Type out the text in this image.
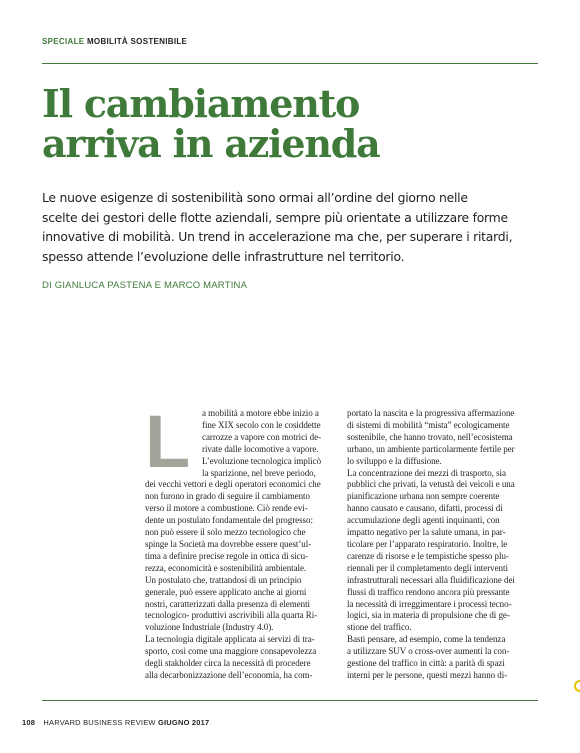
SPECIALE MOBILITÀ SOSTENIBILE
Il cambiamento
arriva in azienda

Le nuove esigenze di sostenibilità sono ormai all’ordine del giorno nelle
scelte dei gestori delle flotte aziendali, sempre più orientate a utilizzare forme
innovative di mobilità. Un trend in accelerazione ma che, per superare i ritardi,
spesso attende l’evoluzione delle infrastrutture nel territorio.

DI GIANLUCA PASTENA E MARCO MARTINA
L	a mobilità a motore ebbe inizio a
fine XIX secolo con le cosiddette
carrozze a vapore con motrici de-
rivate dalle locomotive a vapore.
L’evoluzione tecnologica implicò
la sparizione, nel breve periodo,
dei vecchi vettori e degli operatori economici che
non furono in grado di seguire il cambiamento
verso il motore a combustione. Ciò rende evi-
dente un postulato fondamentale del progresso:
non può essere il solo mezzo tecnologico che
spinge la Società ma dovrebbe essere quest’ul-
tima a definire precise regole in ottica di sicu-
rezza, economicità e sostenibilità ambientale.
Un postulato che, trattandosi di un principio
generale, può essere applicato anche ai giorni
nostri, caratterizzati dalla presenza di elementi
tecnologico- produttivi ascrivibili alla quarta Ri-
voluzione Industriale (Industry 4.0).
La tecnologia digitale applicata ai servizi di tra-
sporto, così come una maggiore consapevolezza
degli stakholder circa la necessità di procedere
alla decarbonizzazione dell’economia, ha com-
portato la nascita e la progressiva affermazione
di sistemi di mobilità “mista” ecologicamente
sostenibile, che hanno trovato, nell’ecosistema
urbano, un ambiente particolarmente fertile per
lo sviluppo e la diffusione.
La concentrazione dei mezzi di trasporto, sia
pubblici che privati, la vetustà dei veicoli e una
pianificazione urbana non sempre coerente
hanno causato e causano, difatti, processi di
accumulazione degli agenti inquinanti, con
impatto negativo per la salute umana, in par-
ticolare per l’apparato respiratorio. Inoltre, le
carenze di risorse e le tempistiche spesso plu-
riennali per il completamento degli interventi
infrastrutturali necessari alla fluidificazione dei
flussi di traffico rendono ancora più pressante
la necessità di irreggimentare i processi tecno-
logici, sia in materia di propulsione che di ge-
stione del traffico.
Basti pensare, ad esempio, come la tendenza
a utilizzare SUV o cross-over aumenti la con-
gestione del traffico in città: a parità di spazi
interni per le persone, questi mezzi hanno di-
108 HARVARD BUSINESS REVIEW GIUGNO 2017
